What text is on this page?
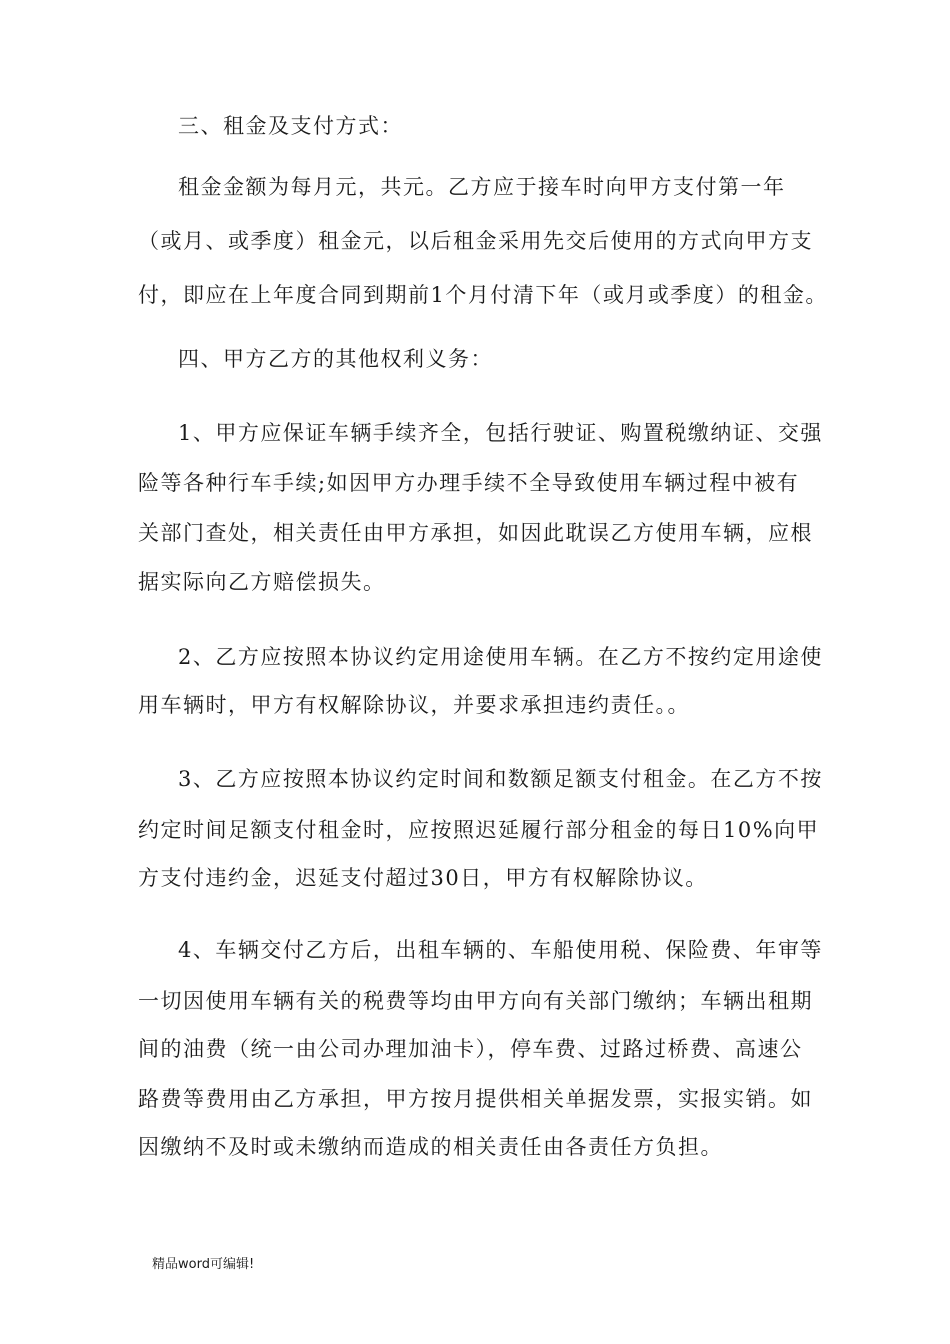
三、租金及支付方式：
租金金额为每月元，共元。乙方应于接车时向甲方支付第一年
（或月、或季度）租金元，以后租金采用先交后使用的方式向甲方支
付，即应在上年度合同到期前1个月付清下年（或月或季度）的租金。
四、甲方乙方的其他权利义务：
1、甲方应保证车辆手续齐全，包括行驶证、购置税缴纳证、交强
险等各种行车手续;如因甲方办理手续不全导致使用车辆过程中被有
关部门查处，相关责任由甲方承担，如因此耽误乙方使用车辆，应根
据实际向乙方赔偿损失。
2、乙方应按照本协议约定用途使用车辆。在乙方不按约定用途使
用车辆时，甲方有权解除协议，并要求承担违约责任。。
3、乙方应按照本协议约定时间和数额足额支付租金。在乙方不按
约定时间足额支付租金时，应按照迟延履行部分租金的每日10%向甲
方支付违约金，迟延支付超过30日，甲方有权解除协议。
4、车辆交付乙方后，出租车辆的、车船使用税、保险费、年审等
一切因使用车辆有关的税费等均由甲方向有关部门缴纳；车辆出租期
间的油费（统一由公司办理加油卡），停车费、过路过桥费、高速公
路费等费用由乙方承担，甲方按月提供相关单据发票，实报实销。如
因缴纳不及时或未缴纳而造成的相关责任由各责任方负担。
精品word可编辑!
